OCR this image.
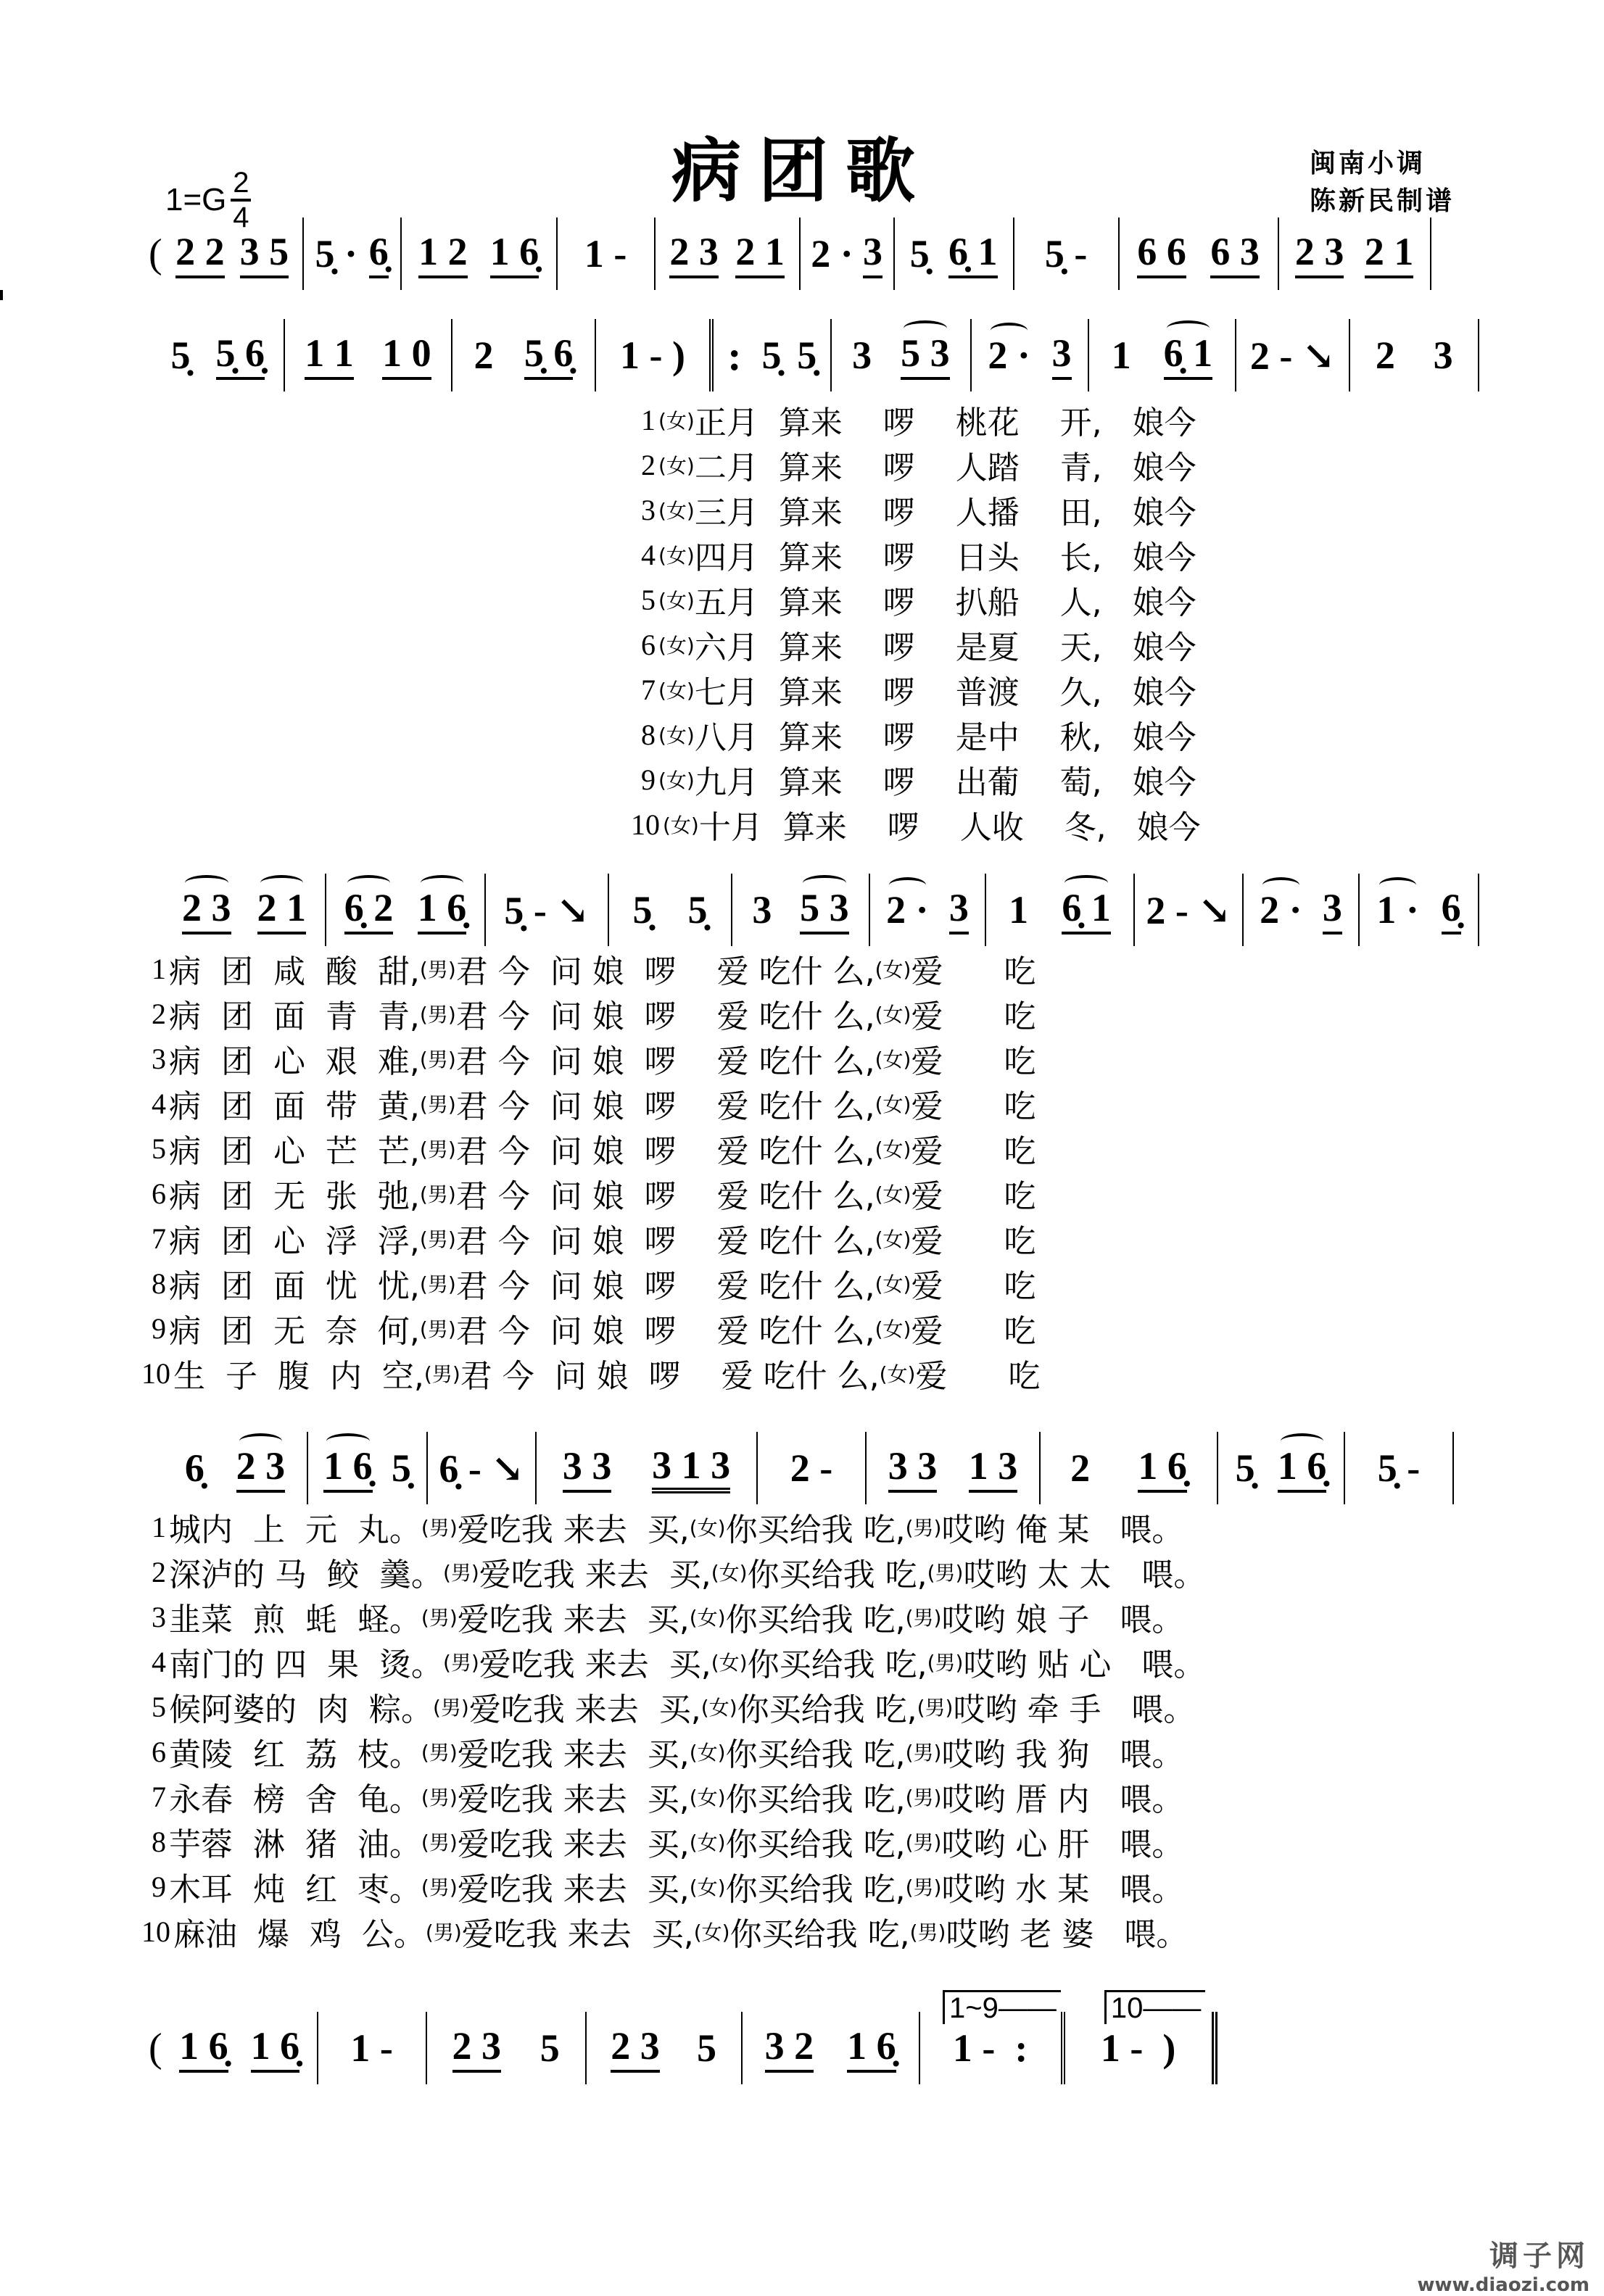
病团歌
$1=G \frac{2}{4}$
闽南小调
陈新民制谱
( 2 2 3 5 5̣ · 6̣ 1 2 1 6̣ 1 - 2 3 2 1 2 · 3 5̣ 6̣ 1 5̣ - 6 6 6 3 2 3 2 1
5̣ 5̣ 6̣ 1 1 1 0 2 5̣ 6̣ 1 - ) : 5̣ 5̣ 3 5 3 2 · 3 1 6̣ 1 2 - ↘ 2 3
1 (女) 正月  算来    啰    桃花    开,   娘今
2 (女) 二月  算来    啰    人踏    青,   娘今
3 (女) 三月  算来    啰    人播    田,   娘今
4 (女) 四月  算来    啰    日头    长,   娘今
5 (女) 五月  算来    啰    扒船    人,   娘今
6 (女) 六月  算来    啰    是夏    天,   娘今
7 (女) 七月  算来    啰    普渡    久,   娘今
8 (女) 八月  算来    啰    是中    秋,   娘今
9 (女) 九月  算来    啰    出葡    萄,   娘今
10 (女) 十月  算来    啰    人收    冬,   娘今
2 3 2 1 6̣ 2 1 6̣ 5̣ - ↘ 5̣ 5̣ 3 5 3 2 · 3 1 6̣ 1 2 - ↘ 2 · 3 1 · 6̣
1 病  团  咸  酸  甜, (男) 君 今  问 娘  啰    爱 吃什 么, (女) 爱      吃
2 病  团  面  青  青, (男) 君 今  问 娘  啰    爱 吃什 么, (女) 爱      吃
3 病  团  心  艰  难, (男) 君 今  问 娘  啰    爱 吃什 么, (女) 爱      吃
4 病  团  面  带  黄, (男) 君 今  问 娘  啰    爱 吃什 么, (女) 爱      吃
5 病  团  心  芒  芒, (男) 君 今  问 娘  啰    爱 吃什 么, (女) 爱      吃
6 病  团  无  张  弛, (男) 君 今  问 娘  啰    爱 吃什 么, (女) 爱      吃
7 病  团  心  浮  浮, (男) 君 今  问 娘  啰    爱 吃什 么, (女) 爱      吃
8 病  团  面  忧  忧, (男) 君 今  问 娘  啰    爱 吃什 么, (女) 爱      吃
9 病  团  无  奈  何, (男) 君 今  问 娘  啰    爱 吃什 么, (女) 爱      吃
10 生  子  腹  内  空, (男) 君 今  问 娘  啰    爱 吃什 么, (女) 爱      吃
6̣ 2 3 1 6̣ 5̣ 6̣ - ↘ 3 3 3 1 3 2 - 3 3 1 3 2 1 6̣ 5̣ 1 6̣ 5̣ -
1 城内  上  元  丸。 (男) 爱吃我 来去  买, (女) 你买给我 吃, (男) 哎哟 俺 某   喂。
2 深泸的 马  鲛  羹。 (男) 爱吃我 来去  买, (女) 你买给我 吃, (男) 哎哟 太 太   喂。
3 韭菜  煎  蚝  蛏。 (男) 爱吃我 来去  买, (女) 你买给我 吃, (男) 哎哟 娘 子   喂。
4 南门的 四  果  烫。 (男) 爱吃我 来去  买, (女) 你买给我 吃, (男) 哎哟 贴 心   喂。
5 候阿婆的  肉  粽。 (男) 爱吃我 来去  买, (女) 你买给我 吃, (男) 哎哟 牵 手   喂。
6 黄陵  红  荔  枝。 (男) 爱吃我 来去  买, (女) 你买给我 吃, (男) 哎哟 我 狗   喂。
7 永春  榜  舍  龟。 (男) 爱吃我 来去  买, (女) 你买给我 吃, (男) 哎哟 厝 内   喂。
8 芋蓉  淋  猪  油。 (男) 爱吃我 来去  买, (女) 你买给我 吃, (男) 哎哟 心 肝   喂。
9 木耳  炖  红  枣。 (男) 爱吃我 来去  买, (女) 你买给我 吃, (男) 哎哟 水 某   喂。
10 麻油  爆  鸡  公。 (男) 爱吃我 来去  买, (女) 你买给我 吃, (男) 哎哟 老 婆   喂。
1~9—— 10——
( 1 6̣ 1 6̣ 1 - 2 3 5 2 3 5 3 2 1 6̣ 1 -  : 1 -  )
调子网
www.diaozi.com
